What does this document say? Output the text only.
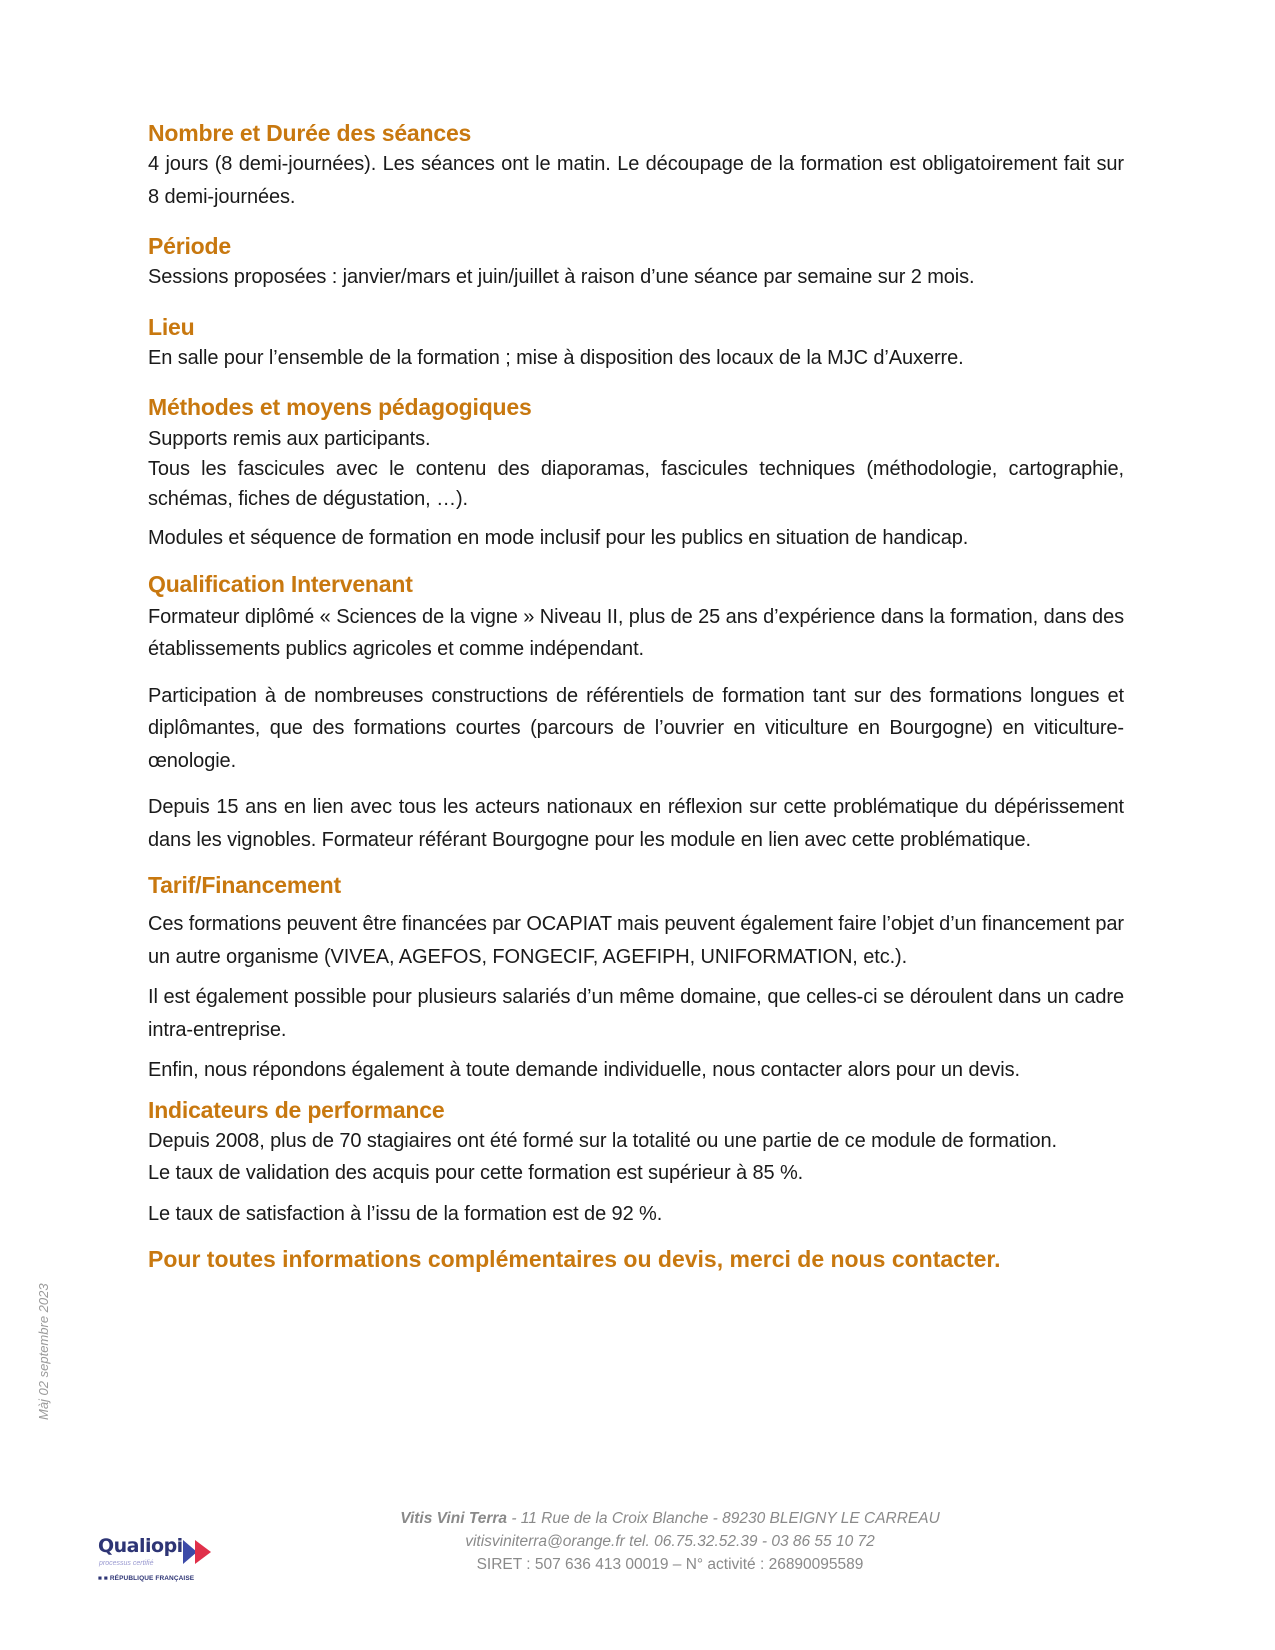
Nombre et Durée des séances

4 jours (8 demi-journées). Les séances ont le matin. Le découpage de la formation est obligatoirement fait sur 8 demi-journées.

Période

Sessions proposées : janvier/mars et juin/juillet à raison d’une séance par semaine sur 2 mois.

Lieu

En salle pour l’ensemble de la formation ; mise à disposition des locaux de la MJC d’Auxerre.

Méthodes et moyens pédagogiques

Supports remis aux participants.

Tous les fascicules avec le contenu des diaporamas, fascicules techniques (méthodologie, cartographie, schémas, fiches de dégustation, …).

Modules et séquence de formation en mode inclusif pour les publics en situation de handicap.

Qualification Intervenant

Formateur diplômé « Sciences de la vigne » Niveau II, plus de 25 ans d’expérience dans la formation, dans des établissements publics agricoles et comme indépendant.

Participation à de nombreuses constructions de référentiels de formation tant sur des formations longues et diplômantes, que des formations courtes (parcours de l’ouvrier en viticulture en Bourgogne) en viticulture-œnologie.

Depuis 15 ans en lien avec tous les acteurs nationaux en réflexion sur cette problématique du dépérissement dans les vignobles. Formateur référant Bourgogne pour les module en lien avec cette problématique.

Tarif/Financement

Ces formations peuvent être financées par OCAPIAT mais peuvent également faire l’objet d’un financement par un autre organisme (VIVEA, AGEFOS, FONGECIF, AGEFIPH, UNIFORMATION, etc.).

Il est également possible pour plusieurs salariés d’un même domaine, que celles-ci se déroulent dans un cadre intra-entreprise.

Enfin, nous répondons également à toute demande individuelle, nous contacter alors pour un devis.

Indicateurs de performance

Depuis 2008, plus de 70 stagiaires ont été formé sur la totalité ou une partie de ce module de formation.

Le taux de validation des acquis pour cette formation est supérieur à 85 %.

Le taux de satisfaction à l’issu de la formation est de 92 %.

Pour toutes informations complémentaires ou devis, merci de nous contacter.
Màj 02 septembre 2023
Qualiopi
processus certifié
■ ■ RÉPUBLIQUE FRANÇAISE
Vitis Vini Terra - 11 Rue de la Croix Blanche - 89230 BLEIGNY LE CARREAU
vitisviniterra@orange.fr tel. 06.75.32.52.39 - 03 86 55 10 72
SIRET : 507 636 413 00019 – N° activité : 26890095589
